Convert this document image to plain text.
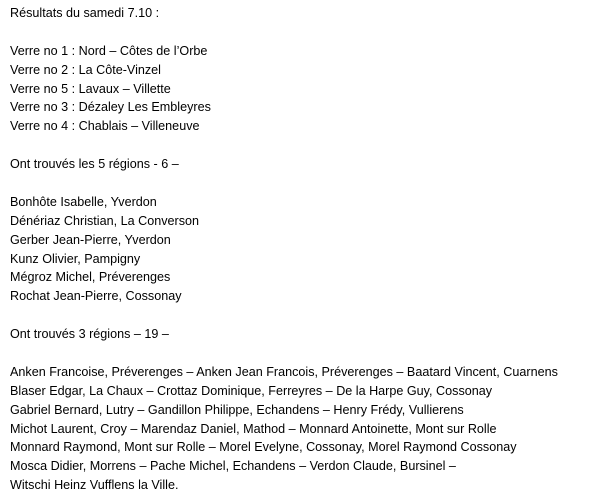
Résultats du samedi 7.10 :
Verre no 1 : Nord – Côtes de l’Orbe
Verre no 2 : La Côte-Vinzel
Verre no 5 : Lavaux – Villette
Verre no 3 : Dézaley Les Embleyres
Verre no 4 : Chablais – Villeneuve
Ont trouvés les 5 régions - 6 –
Bonhôte Isabelle, Yverdon
Dénériaz Christian, La Converson
Gerber Jean-Pierre, Yverdon
Kunz Olivier, Pampigny
Mégroz Michel, Préverenges
Rochat Jean-Pierre, Cossonay
Ont trouvés 3 régions – 19 –
Anken Francoise, Préverenges – Anken Jean Francois, Préverenges – Baatard Vincent, Cuarnens
Blaser Edgar, La Chaux – Crottaz Dominique, Ferreyres – De la Harpe Guy, Cossonay
Gabriel Bernard, Lutry – Gandillon Philippe, Echandens – Henry Frédy, Vullierens
Michot Laurent, Croy – Marendaz Daniel, Mathod – Monnard Antoinette, Mont sur Rolle
Monnard Raymond, Mont sur Rolle – Morel Evelyne, Cossonay, Morel Raymond Cossonay
Mosca Didier, Morrens – Pache Michel, Echandens – Verdon Claude, Bursinel –
Witschi Heinz Vufflens la Ville.
